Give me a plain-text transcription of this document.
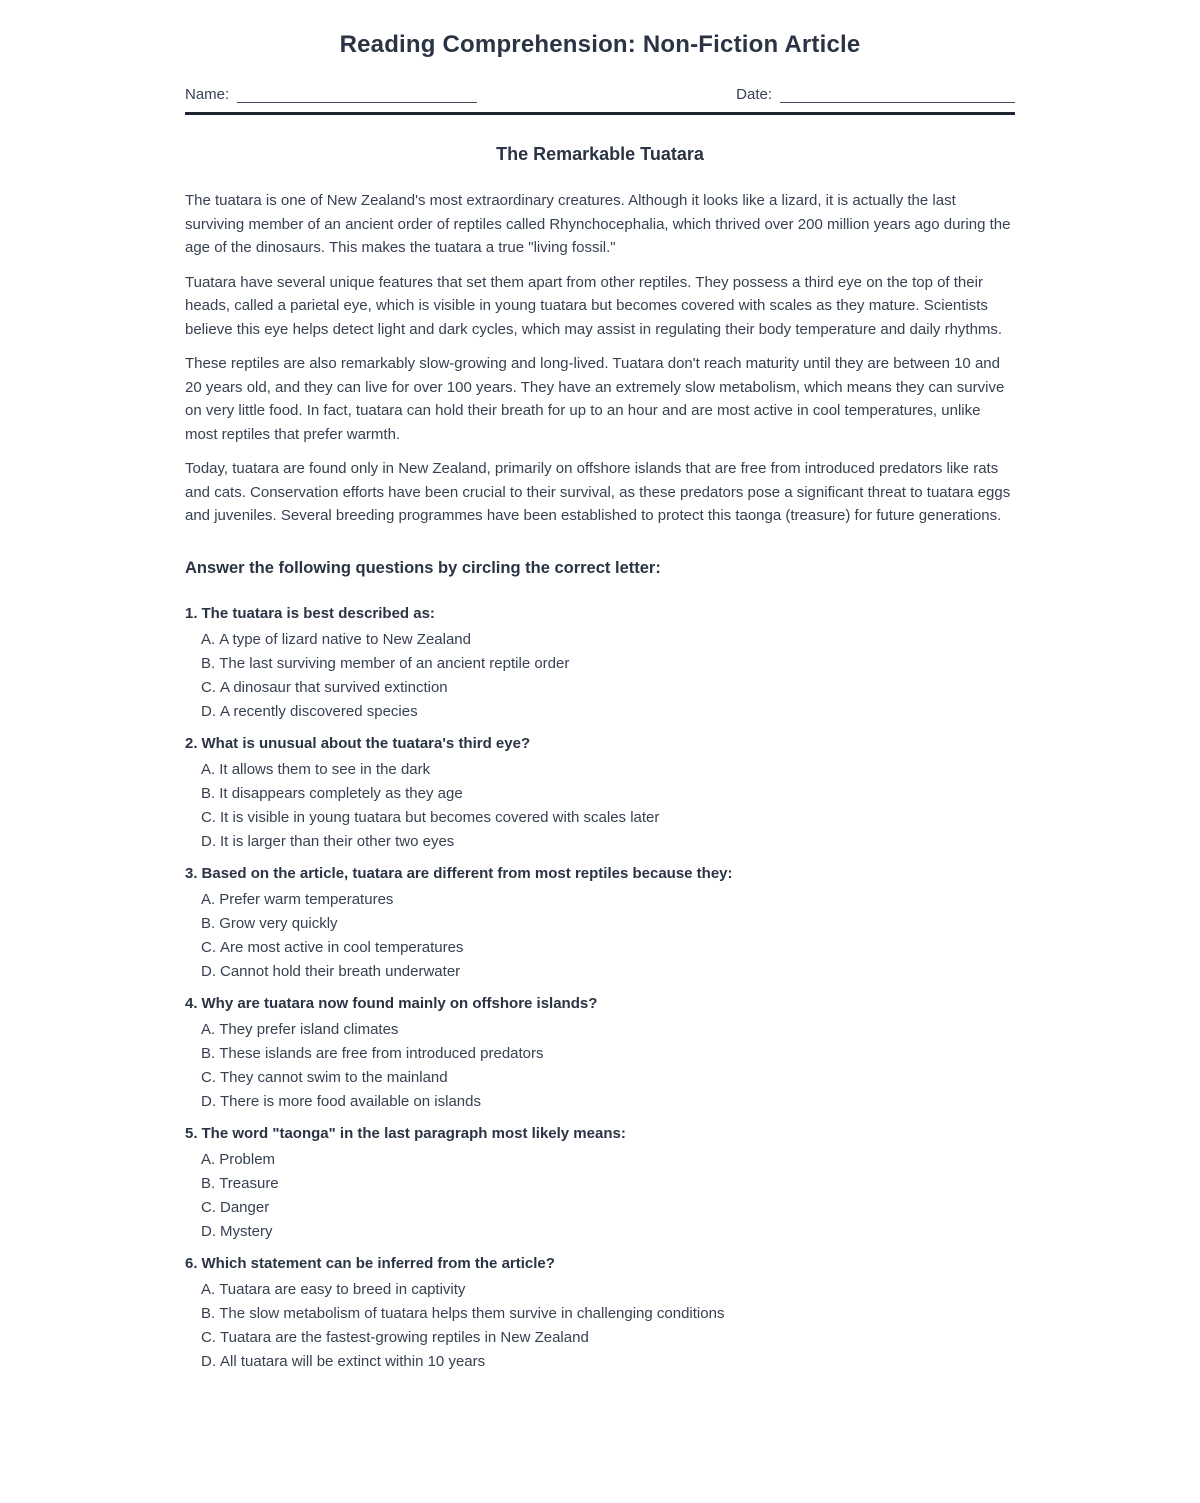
Reading Comprehension: Non-Fiction Article
Name:	Date:
The Remarkable Tuatara

The tuatara is one of New Zealand's most extraordinary creatures. Although it looks like a lizard, it is actually the last surviving member of an ancient order of reptiles called Rhynchocephalia, which thrived over 200 million years ago during the age of the dinosaurs. This makes the tuatara a true "living fossil."

Tuatara have several unique features that set them apart from other reptiles. They possess a third eye on the top of their heads, called a parietal eye, which is visible in young tuatara but becomes covered with scales as they mature. Scientists believe this eye helps detect light and dark cycles, which may assist in regulating their body temperature and daily rhythms.

These reptiles are also remarkably slow-growing and long-lived. Tuatara don't reach maturity until they are between 10 and 20 years old, and they can live for over 100 years. They have an extremely slow metabolism, which means they can survive on very little food. In fact, tuatara can hold their breath for up to an hour and are most active in cool temperatures, unlike most reptiles that prefer warmth.

Today, tuatara are found only in New Zealand, primarily on offshore islands that are free from introduced predators like rats and cats. Conservation efforts have been crucial to their survival, as these predators pose a significant threat to tuatara eggs and juveniles. Several breeding programmes have been established to protect this taonga (treasure) for future generations.

Answer the following questions by circling the correct letter:

1. The tuatara is best described as:

A. A type of lizard native to New Zealand

B. The last surviving member of an ancient reptile order

C. A dinosaur that survived extinction

D. A recently discovered species

2. What is unusual about the tuatara's third eye?

A. It allows them to see in the dark

B. It disappears completely as they age

C. It is visible in young tuatara but becomes covered with scales later

D. It is larger than their other two eyes

3. Based on the article, tuatara are different from most reptiles because they:

A. Prefer warm temperatures

B. Grow very quickly

C. Are most active in cool temperatures

D. Cannot hold their breath underwater

4. Why are tuatara now found mainly on offshore islands?

A. They prefer island climates

B. These islands are free from introduced predators

C. They cannot swim to the mainland

D. There is more food available on islands

5. The word "taonga" in the last paragraph most likely means:

A. Problem

B. Treasure

C. Danger

D. Mystery

6. Which statement can be inferred from the article?

A. Tuatara are easy to breed in captivity

B. The slow metabolism of tuatara helps them survive in challenging conditions

C. Tuatara are the fastest-growing reptiles in New Zealand

D. All tuatara will be extinct within 10 years
